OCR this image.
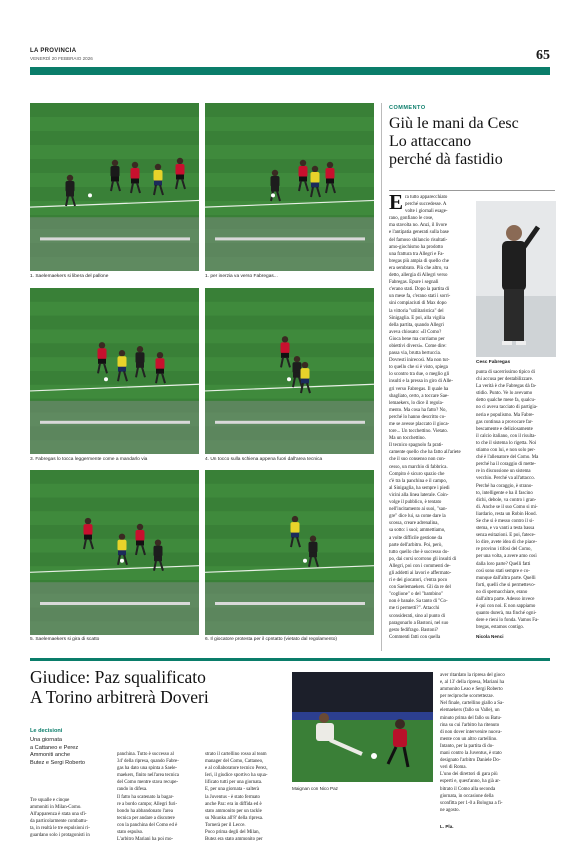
LA PROVINCIA
VENERDÌ 20 FEBBRAIO 2026	65
1. Saelemaekers si libera del pallone	1. per inerzia va verso Fabregas...
3. Fabregas lo tocca leggermente come a mandarlo via	4. Un tocco sulla schiena appena fuori dall'area tecnica
5. Saelemaekers si gira di scatto	6. Il giocatore protesta per il cpntatto (vietato dal regolamento)
COMMENTO
Giù le mani da Cesc
Lo attaccano
perché dà fastidio
E ra tutto apparecchiato
perché succedesse. A
volte i giornali esage-
rano, gonfiano le cose,
ma stavolta no. Anzi, il livore
e l'antipatia generati sulla base
del famoso sbilancio risultati-
amo-giochismo ha prodotto
una frattura tra Allegri e Fa-
bregas più ampia di quello che
era sembrato. Più che altro, va
detto, allergia di Allegri verso
Fabregas. Epure i segnali
c'erano stati. Dopo la partita di
un mese fa, c'erano stati i sorri-
sini compiaciuti di Max dopo
la vittoria "utilitaristica" del
Sinigaglia. E poi, alla vigilia
della partita, quando Allegri
aveva chiosato: «Il Como?
Gioca bene ma corriamo per
obiettivi diversi». Come dire:
passa via, brutta bertuccia.
Dovresti inirecosì. Ma non tut-
to quello che si è visto, spiega
lo scontro tra due, o meglio gli
insulti e la pressa in giro di Alle-
gri verso Fabregas. Il quale ha
sbagliato, certo, a toccare Sae-
lemaekers, lo dice il regola-
mento. Ma cosa ha fatto? No,
perché lo hanno descritto co-
me se avesse placcato il gioca-
tore... Un tocchettino. Vietato.
Ma un tocchettino.
Il tecnico spagnolo fa prati-
camente quello che ha fatto all'ariete
che il suo consenso non con-
cesso, un marchio di fabbrica.
Compito è sicuro spazio che
c'è tra la panchina e il campo,
al Sinigaglia, ha sempre i piedi
vicini alla linea laterale. Coin-
volge il pubblico, è tentato
nell'incitamento ai suoi, "san-
gre" dice lui, sa come dare la
scossa, creare adrenalina,
sa sotto: i suoi; ammettiamo,
a volte difficile gestione da
parte dell'arbitro. Poi, però,
tutto quello che è successo do-
po, dai corsi scorrono gli insulti di
Allegri, poi con i commenti de-
gli addetti ai lavori e affermato-
ri e dei giocatori, c'entra poco
con Saelemaekers. Gli da re del
"coglione" o del "bambino"
non è banale. Sa tanto di "Co-
me ti permetti?". Attacchi
sconsiderati, sino al punto di
paragonarlo a Bastoni, nel suo
gesto fedifrago. Bastoni?
Commenti fatti con quella
Cesc Fabregas
punta di sacerrissimo tipico di
chi accusa per destabilizzare.
La verità è che Fabregas dà fa-
stidio. Punto. Ve lo avevamo
detto qualche mese fa, qualcu-
no ci aveva tacciato di partigia-
neria e populismo. Ma Fabre-
gas continua a provocare far-
bescamente e deliziosamente
il calcio italiano, con il risulta-
to che il sistema lo rigetta. Noi
stiamo con lui, e non solo per-
ché è l'allenatore del Como. Ma
perché ha il coraggio di mette-
re in discussione un sistema
vecchio. Perché va all'attacco.
Perché ha coraggio, è strano-
to, intelligente e ha il fascino
dichi, debole, va contro i gran-
di. Anche se il suo Como si mi-
liardario, resta un Robin Hood.
Se che si è messo contro il si-
stema, e va vanti a testa bassa
senza esitazioni. E poi, fatece-
lo dire, avete idea di che piace-
re provino i tifosi del Como,
per una volta, a avere amo così
dalla loro parte? Quelli fatti
così sono stati sempre e co-
munque dall'altra parte. Quelli
forti, quelli che si permettevo-
no di spernacchiare, erano
dall'altra parte. Adesso invece
è qui con noi. E non sappiamo
quanto durerà, ma finché ogni-
dere e rieni lo fonda. Vamos Fa-
bregas, estamos contigo.
Nicola Nenci
Giudice: Paz squalificato
A Torino arbitrerà Doveri
Le decisioni
Una giornata
a Cattaneo e Perez
Ammoniti anche
Butez e Sergi Roberto
Tre squalle e cinque
ammoniti in Milan-Como.
All'apparenza è stata una sfi-
da particolarmente combattu-
ta, in realtà le tre espulsioni ri-
guardano solo i protagonisti in
panchina. Tutto è successo al
34' della ripresa, quando Fabre-
gas ha dato una spinta a Saele-
maekers, finito nell'area tecnica
del Como mentre stava recupe-
rando in difesa.
Il fatto ha scatenato la bagar-
re a bordo campo; Allegri furi-
bondo ha abbandonato l'area
tecnica per andare a discutere
con la panchina del Como ed è
stato espulso.
L'arbitro Mariani ha poi mo-
strato il cartellino rosso al team
manager del Como, Cattaneo,
e al collaboratore tecnico Perez,
Ieri, il giudice sportivo ha squa-
lificato tutti per una giornata.
E, per una giornata - salterà
la Juventus - è stato fermato
anche Paz: era in diffida ed è
stato ammonito per un tackle
su Nkunku all'8' della ripresa.
Tornerà per il Lecce.
Poco prima degli del Milan,
Butez era stato ammonito per
Maignan con Nico Paz
aver ritardato la ripresa del gioco
e, al 13' della ripresa, Mariani ha
ammonito Leao e Sergi Roberto
per reciproche scorrettezze.
Nel finale, cartellino giallo a Sa-
elemaekers (fallo su Valle), un
minuto prima del fallo su Batu-
rina su cui l'arbitro ha ritenuto
di non dover intervenire nuova-
mente con un altro cartellino.
Intanto, per la partita di do-
mani contro la Juventus, è stato
designato l'arbitro Daniele Do-
veri di Roma.
L'uno dei direttori di gara più
esperti e, quest'anno, ha già ar-
bitrato il Como alla seconda
giornata, in occasione della
sconfitta per 1-0 a Bologna a fi-
ne agosto.
L. Pla.
